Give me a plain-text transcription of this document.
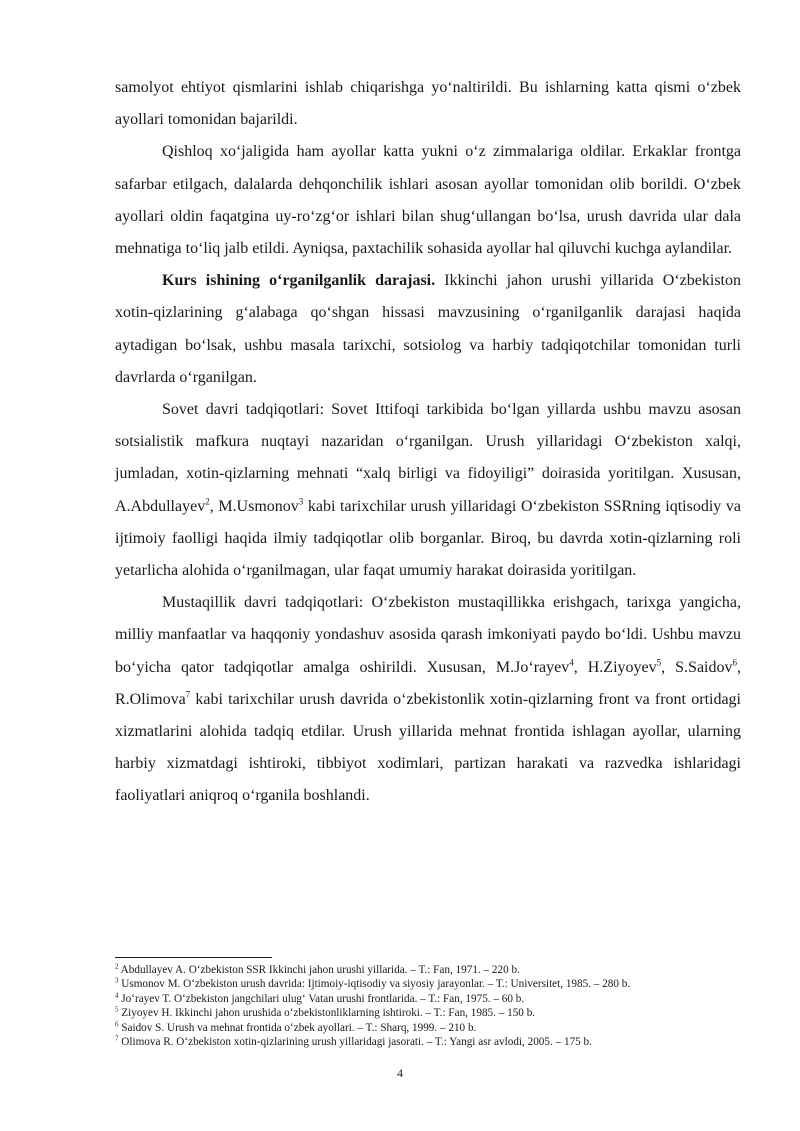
samolyot ehtiyot qismlarini ishlab chiqarishga yo‘naltirildi. Bu ishlarning katta qismi o‘zbek ayollari tomonidan bajarildi.

Qishloq xo‘jaligida ham ayollar katta yukni o‘z zimmalariga oldilar. Erkaklar frontga safarbar etilgach, dalalarda dehqonchilik ishlari asosan ayollar tomonidan olib borildi. O‘zbek ayollari oldin faqatgina uy-ro‘zg‘or ishlari bilan shug‘ullangan bo‘lsa, urush davrida ular dala mehnatiga to‘liq jalb etildi. Ayniqsa, paxtachilik sohasida ayollar hal qiluvchi kuchga aylandilar.

Kurs ishining o‘rganilganlik darajasi. Ikkinchi jahon urushi yillarida O‘zbekiston xotin-qizlarining g‘alabaga qo‘shgan hissasi mavzusining o‘rganilganlik darajasi haqida aytadigan bo‘lsak, ushbu masala tarixchi, sotsiolog va harbiy tadqiqotchilar tomonidan turli davrlarda o‘rganilgan.

Sovet davri tadqiqotlari: Sovet Ittifoqi tarkibida bo‘lgan yillarda ushbu mavzu asosan sotsialistik mafkura nuqtayi nazaridan o‘rganilgan. Urush yillaridagi O‘zbekiston xalqi, jumladan, xotin-qizlarning mehnati “xalq birligi va fidoyiligi” doirasida yoritilgan. Xususan, A.Abdullayev$^2$, M.Usmonov$^3$ kabi tarixchilar urush yillaridagi O‘zbekiston SSRning iqtisodiy va ijtimoiy faolligi haqida ilmiy tadqiqotlar olib borganlar. Biroq, bu davrda xotin-qizlarning roli yetarlicha alohida o‘rganilmagan, ular faqat umumiy harakat doirasida yoritilgan.

Mustaqillik davri tadqiqotlari: O‘zbekiston mustaqillikka erishgach, tarixga yangicha, milliy manfaatlar va haqqoniy yondashuv asosida qarash imkoniyati paydo bo‘ldi. Ushbu mavzu bo‘yicha qator tadqiqotlar amalga oshirildi. Xususan, M.Jo‘rayev$^4$, H.Ziyoyev$^5$, S.Saidov$^6$, R.Olimova$^7$ kabi tarixchilar urush davrida o‘zbekistonlik xotin-qizlarning front va front ortidagi xizmatlarini alohida tadqiq etdilar. Urush yillarida mehnat frontida ishlagan ayollar, ularning harbiy xizmatdagi ishtiroki, tibbiyot xodimlari, partizan harakati va razvedka ishlaridagi faoliyatlari aniqroq o‘rganila boshlandi.

$^2$ Abdullayev A. O‘zbekiston SSR Ikkinchi jahon urushi yillarida. – T.: Fan, 1971. – 220 b.
$^3$ Usmonov M. O‘zbekiston urush davrida: Ijtimoiy-iqtisodiy va siyosiy jarayonlar. – T.: Universitet, 1985. – 280 b.
$^4$ Jo‘rayev T. O‘zbekiston jangchilari ulug‘ Vatan urushi frontlarida. – T.: Fan, 1975. – 60 b.
$^5$ Ziyoyev H. Ikkinchi jahon urushida o‘zbekistonliklarning ishtiroki. – T.: Fan, 1985. – 150 b.
$^6$ Saidov S. Urush va mehnat frontida o‘zbek ayollari. – T.: Sharq, 1999. – 210 b.
$^7$ Olimova R. O‘zbekiston xotin-qizlarining urush yillaridagi jasorati. – T.: Yangi asr avlodi, 2005. – 175 b.
4
